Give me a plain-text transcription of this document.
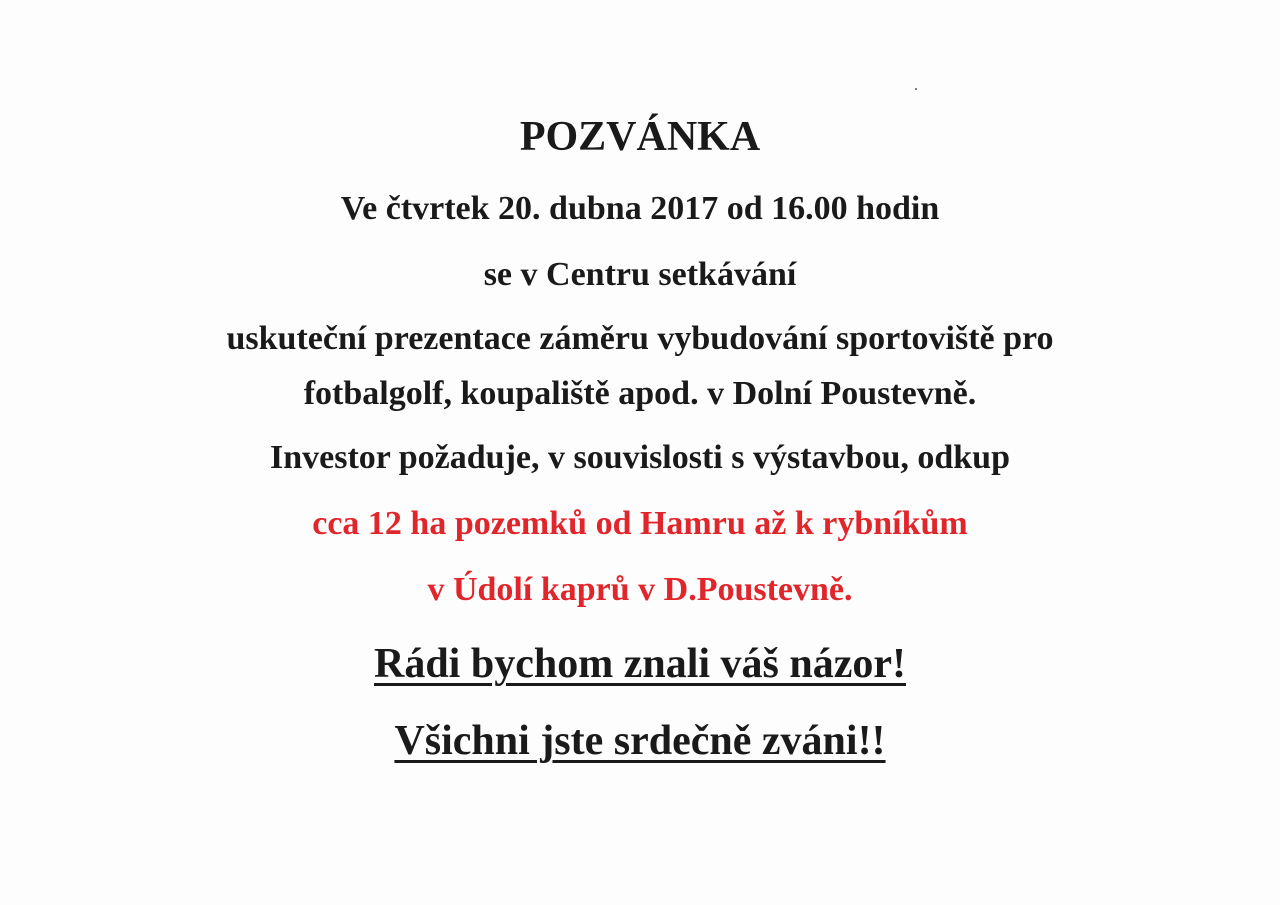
POZVÁNKA
Ve čtvrtek 20. dubna 2017 od 16.00 hodin
se v Centru setkávání
uskuteční prezentace záměru vybudování sportoviště pro
fotbalgolf, koupaliště apod. v Dolní Poustevně.
Investor požaduje, v souvislosti s výstavbou, odkup
cca 12 ha pozemků od Hamru až k rybníkům
v Údolí kaprů v D.Poustevně.
Rádi bychom znali váš názor!
Všichni jste srdečně zváni!!
